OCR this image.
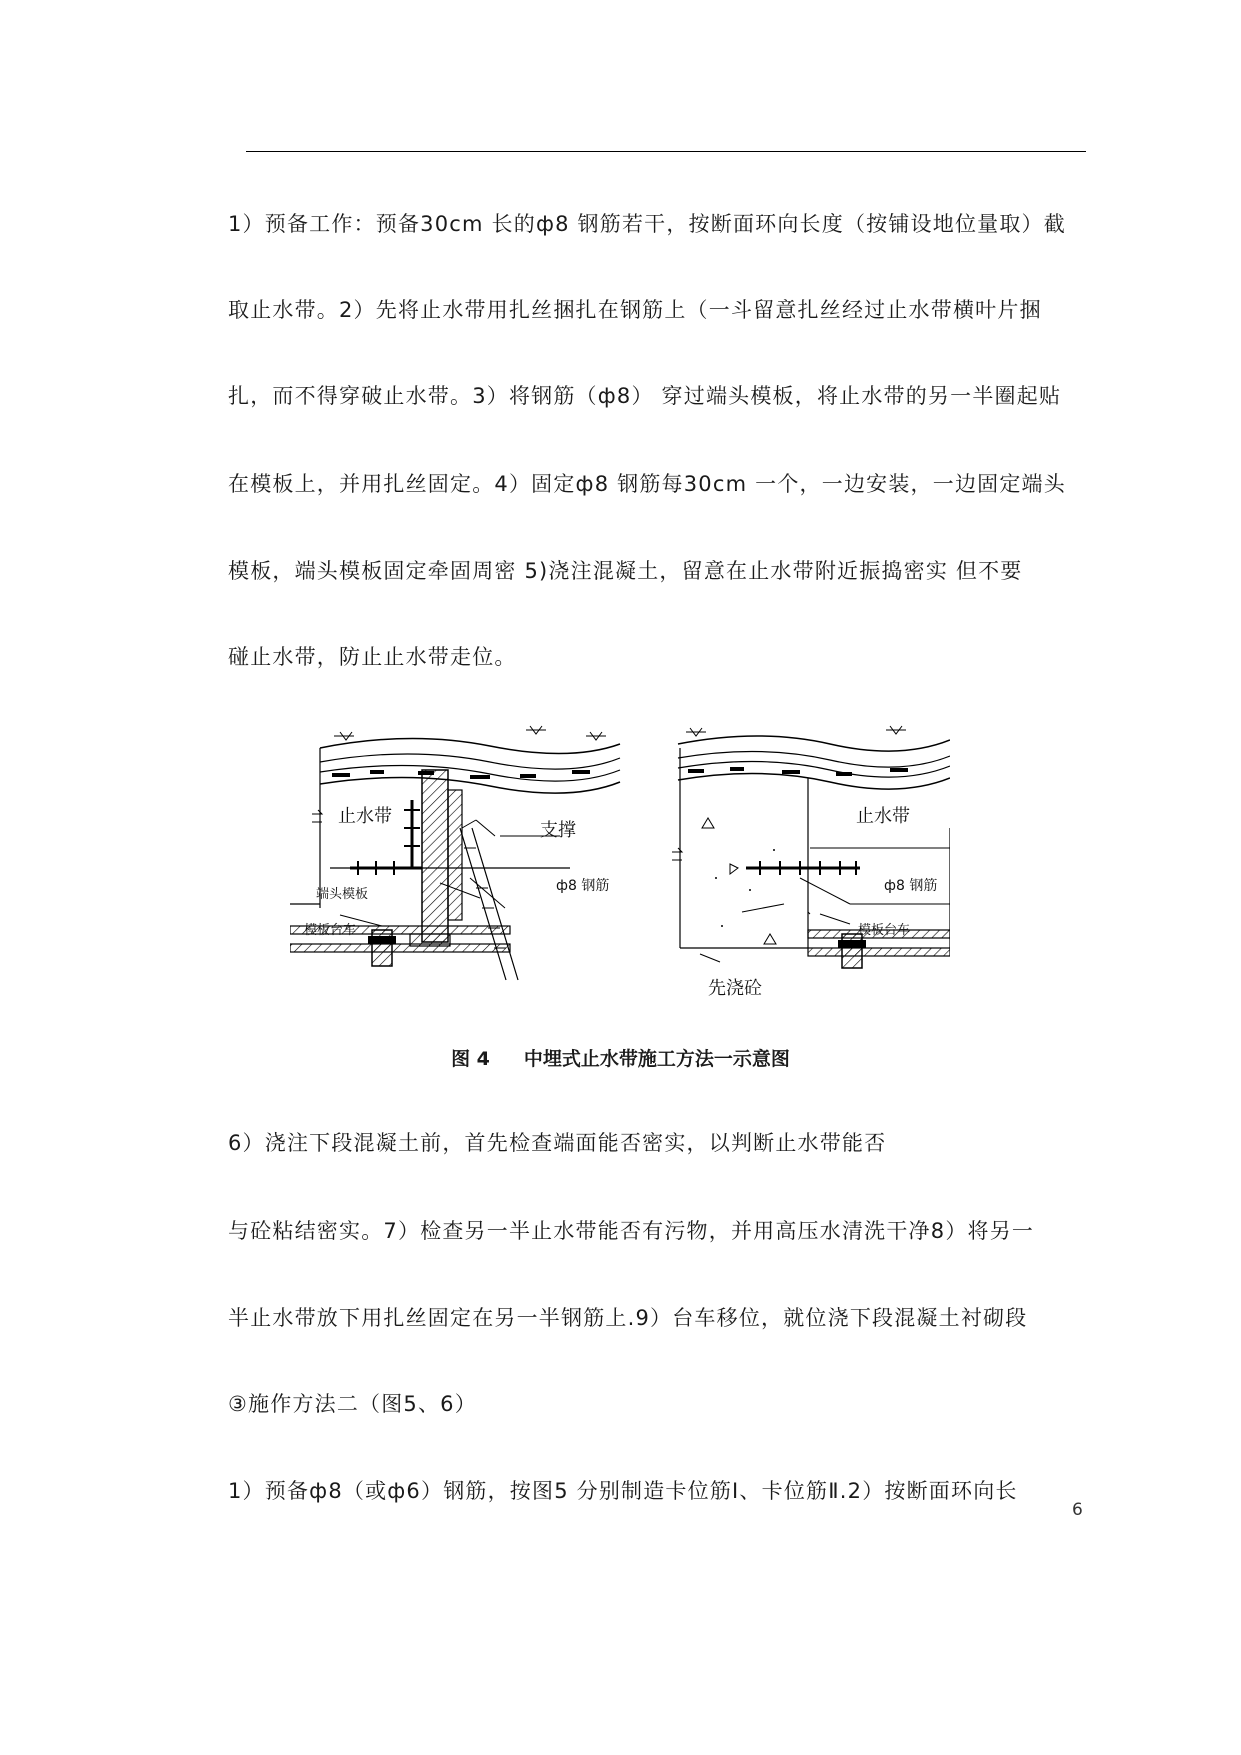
1）预备工作：预备30cm 长的ф8 钢筋若干，按断面环向长度（按铺设地位量取）截
取止水带。2）先将止水带用扎丝捆扎在钢筋上（一斗留意扎丝经过止水带横叶片捆
扎，而不得穿破止水带。3）将钢筋（ф8） 穿过端头模板，将止水带的另一半圈起贴
在模板上，并用扎丝固定。4）固定ф8 钢筋每30cm 一个，一边安装，一边固定端头
模板，端头模板固定牵固周密 5)浇注混凝土，留意在止水带附近振捣密实 但不要
碰止水带，防止止水带走位。
止水带
支撑
ф8 钢筋
端头模板
模板台车
止水带
ф8 钢筋
模板台车
先浇砼
图 4 中埋式止水带施工方法一示意图
6）浇注下段混凝土前，首先检查端面能否密实，以判断止水带能否
与砼粘结密实。7）检查另一半止水带能否有污物，并用高压水清洗干净8）将另一
半止水带放下用扎丝固定在另一半钢筋上.9）台车移位，就位浇下段混凝土衬砌段
③施作方法二（图5、6）
1）预备ф8（或ф6）钢筋，按图5 分别制造卡位筋Ⅰ、卡位筋Ⅱ.2）按断面环向长
6
